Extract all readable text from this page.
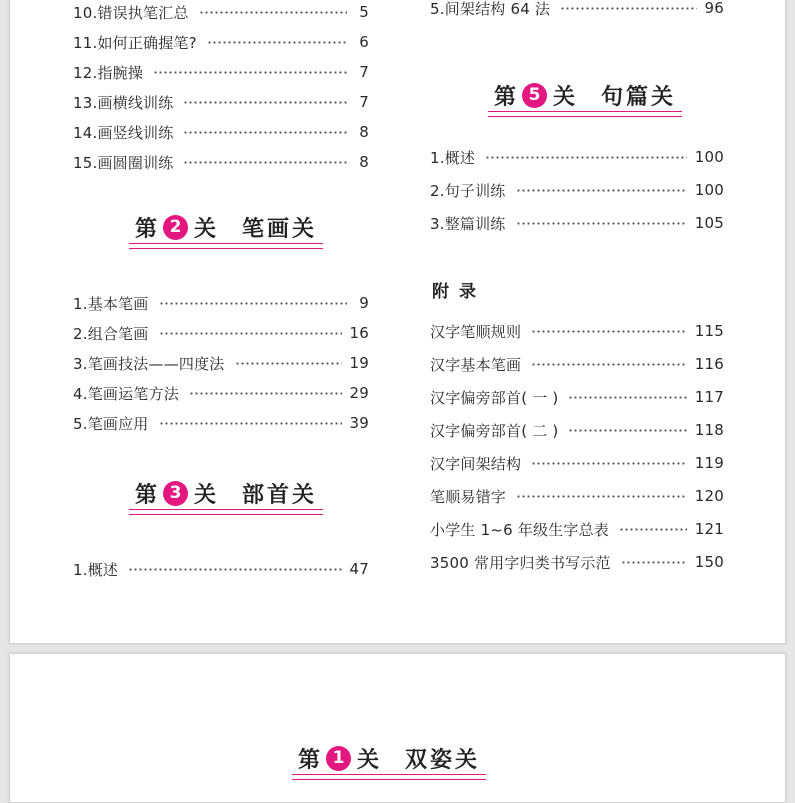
10.错误执笔汇总	5
11.如何正确握笔?	6
12.指腕操	7
13.画横线训练	7
14.画竖线训练	8
15.画圆圈训练	8
第 2 关 笔画关
1.基本笔画	9
2.组合笔画	16
3.笔画技法——四度法	19
4.笔画运笔方法	29
5.笔画应用	39
第 3 关 部首关
1.概述	47
5.间架结构 64 法	96
第 5 关 句篇关
1.概述	100
2.句子训练	100
3.整篇训练	105
附录
汉字笔顺规则	115
汉字基本笔画	116
汉字偏旁部首( 一 )	117
汉字偏旁部首( 二 )	118
汉字间架结构	119
笔顺易错字	120
小学生 1~6 年级生字总表	121
3500 常用字归类书写示范	150
第 1 关 双姿关
